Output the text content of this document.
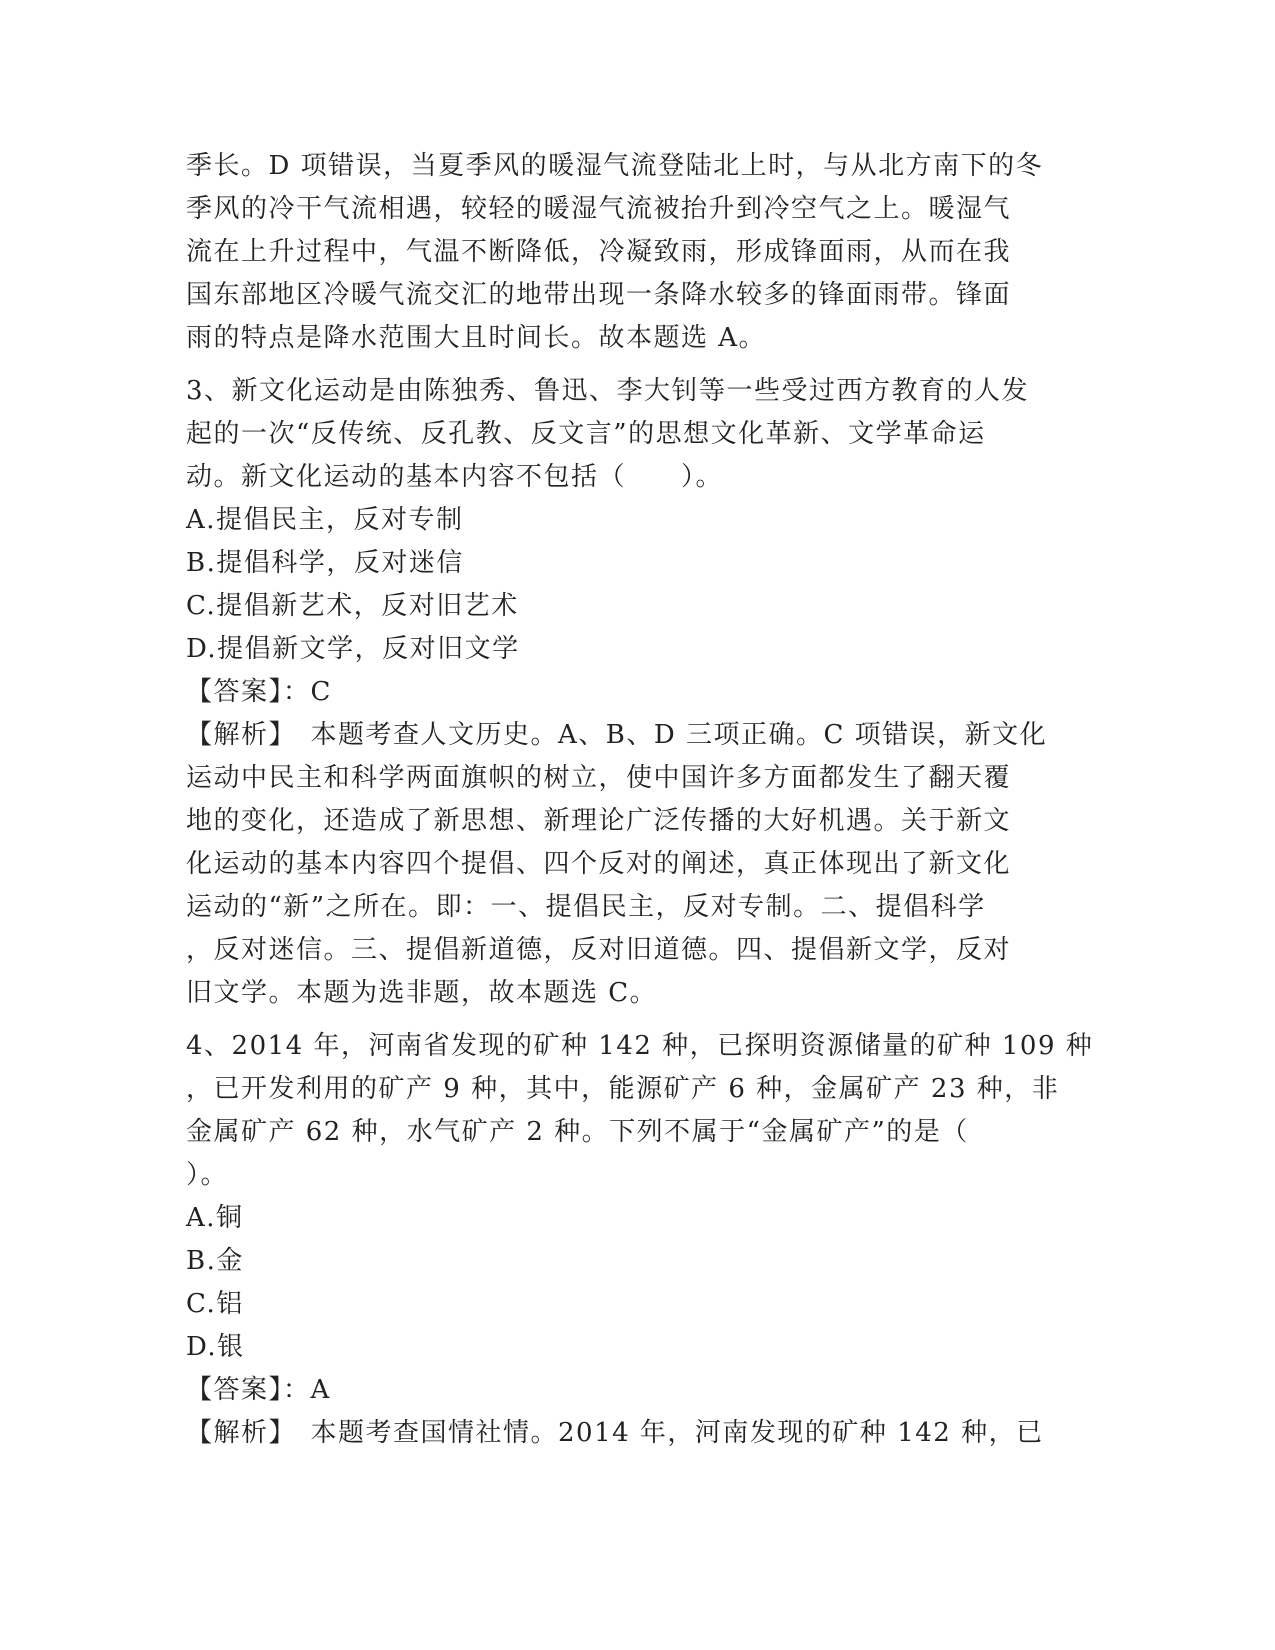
季长。D 项错误，当夏季风的暖湿气流登陆北上时，与从北方南下的冬
季风的冷干气流相遇，较轻的暖湿气流被抬升到冷空气之上。暖湿气
流在上升过程中，气温不断降低，冷凝致雨，形成锋面雨，从而在我
国东部地区冷暖气流交汇的地带出现一条降水较多的锋面雨带。锋面
雨的特点是降水范围大且时间长。故本题选 A。
3、新文化运动是由陈独秀、鲁迅、李大钊等一些受过西方教育的人发
起的一次“反传统、反孔教、反文言”的思想文化革新、文学革命运
动。新文化运动的基本内容不包括（　　）。
A.提倡民主，反对专制
B.提倡科学，反对迷信
C.提倡新艺术，反对旧艺术
D.提倡新文学，反对旧文学
【答案】：C
【解析】　本题考查人文历史。A、B、D 三项正确。C 项错误，新文化
运动中民主和科学两面旗帜的树立，使中国许多方面都发生了翻天覆
地的变化，还造成了新思想、新理论广泛传播的大好机遇。关于新文
化运动的基本内容四个提倡、四个反对的阐述，真正体现出了新文化
运动的“新”之所在。即：一、提倡民主，反对专制。二、提倡科学
，反对迷信。三、提倡新道德，反对旧道德。四、提倡新文学，反对
旧文学。本题为选非题，故本题选 C。
4、2014 年，河南省发现的矿种 142 种，已探明资源储量的矿种 109 种
，已开发利用的矿产 9 种，其中，能源矿产 6 种，金属矿产 23 种，非
金属矿产 62 种，水气矿产 2 种。下列不属于“金属矿产”的是（
）。
A.铜
B.金
C.铝
D.银
【答案】：A
【解析】　本题考查国情社情。2014 年，河南发现的矿种 142 种，已
